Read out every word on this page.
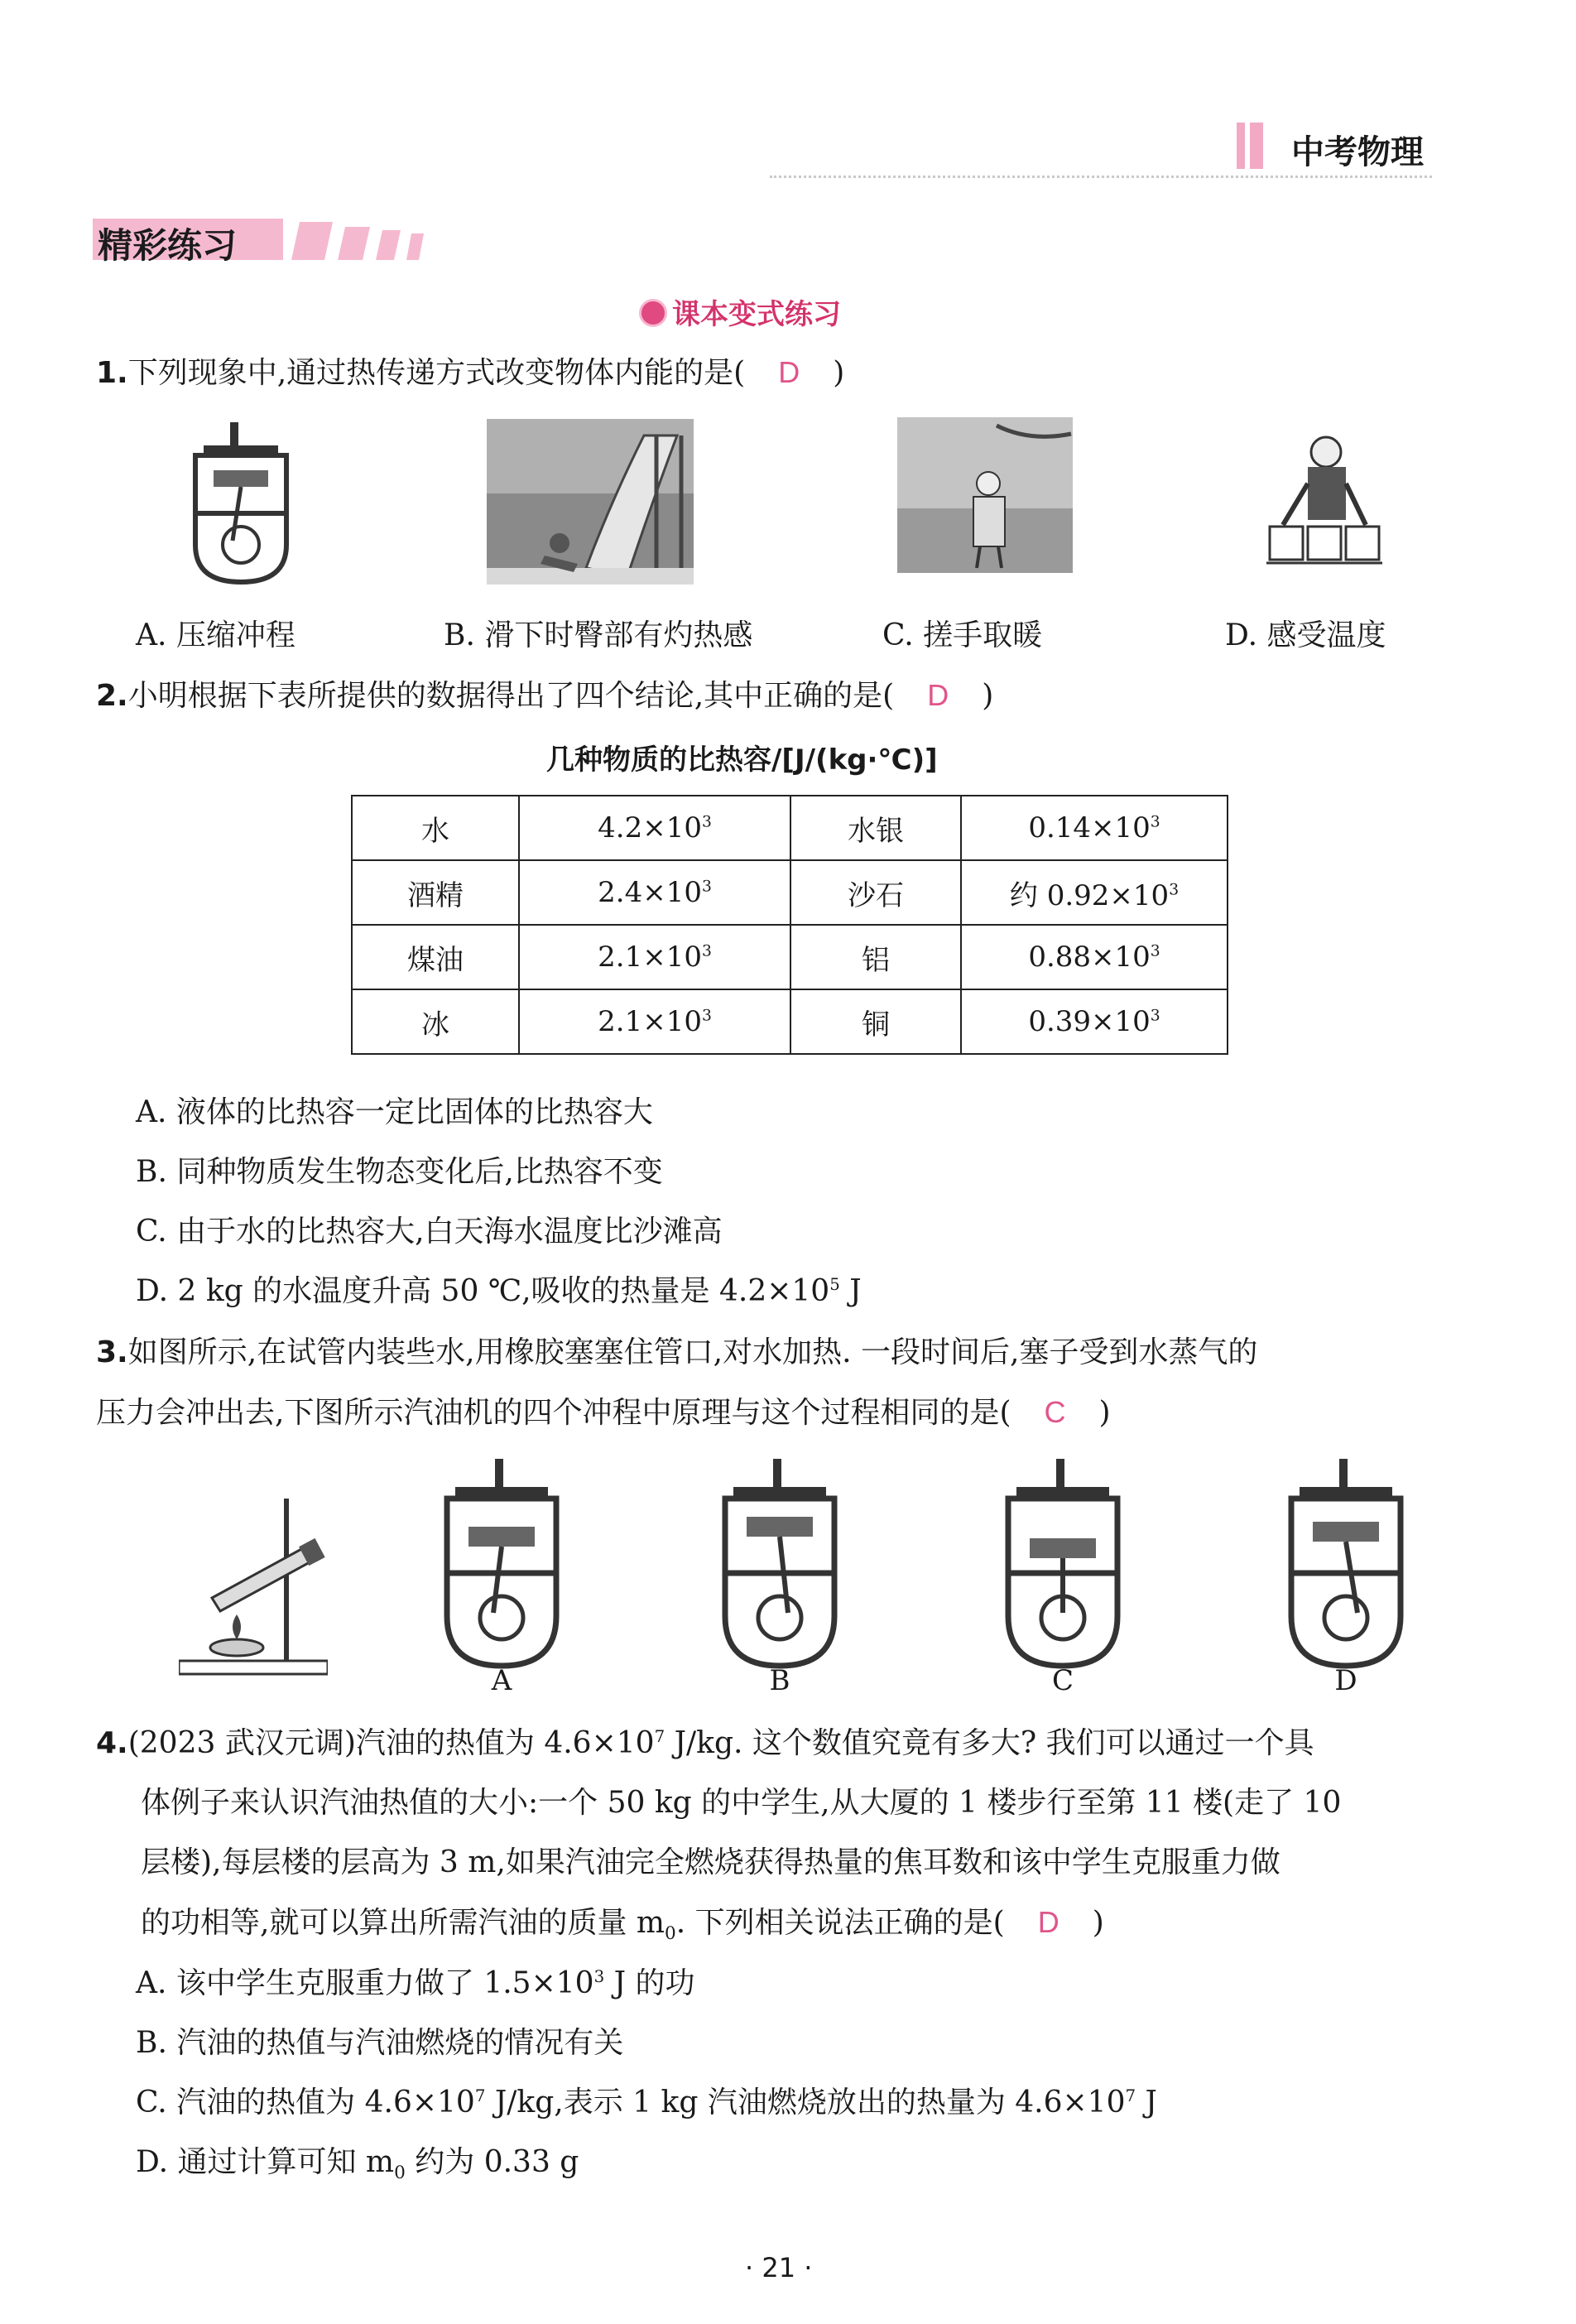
中考物理
精彩练习
课本变式练习
1.下列现象中,通过热传递方式改变物体内能的是( D )
A. 压缩冲程	B. 滑下时臀部有灼热感	C. 搓手取暖	D. 感受温度
2.小明根据下表所提供的数据得出了四个结论,其中正确的是( D )
几种物质的比热容/[J/(kg·℃)]
水	$4.2\times 10^3$	水银	$0.14\times 10^3$
酒精	$2.4\times 10^3$	沙石	约 $0.92\times 10^3$
煤油	$2.1\times 10^3$	铝	$0.88\times 10^3$
冰	$2.1\times 10^3$	铜	$0.39\times 10^3$
A. 液体的比热容一定比固体的比热容大
B. 同种物质发生物态变化后,比热容不变
C. 由于水的比热容大,白天海水温度比沙滩高
D. 2 kg 的水温度升高 50 ℃,吸收的热量是 $4.2\times 10^5$ J
3.如图所示,在试管内装些水,用橡胶塞塞住管口,对水加热. 一段时间后,塞子受到水蒸气的
压力会冲出去,下图所示汽油机的四个冲程中原理与这个过程相同的是( C )
A	B	C	D
4.(2023 武汉元调)汽油的热值为 $4.6\times 10^7$ J/kg. 这个数值究竟有多大? 我们可以通过一个具
体例子来认识汽油热值的大小:一个 50 kg 的中学生,从大厦的 1 楼步行至第 11 楼(走了 10
层楼),每层楼的层高为 3 m,如果汽油完全燃烧获得热量的焦耳数和该中学生克服重力做
的功相等,就可以算出所需汽油的质量 $m_0$. 下列相关说法正确的是( D )
A. 该中学生克服重力做了 $1.5\times 10^3$ J 的功
B. 汽油的热值与汽油燃烧的情况有关
C. 汽油的热值为 $4.6\times 10^7$ J/kg,表示 1 kg 汽油燃烧放出的热量为 $4.6\times 10^7$ J
D. 通过计算可知 $m_0$ 约为 0.33 g
· 21 ·
